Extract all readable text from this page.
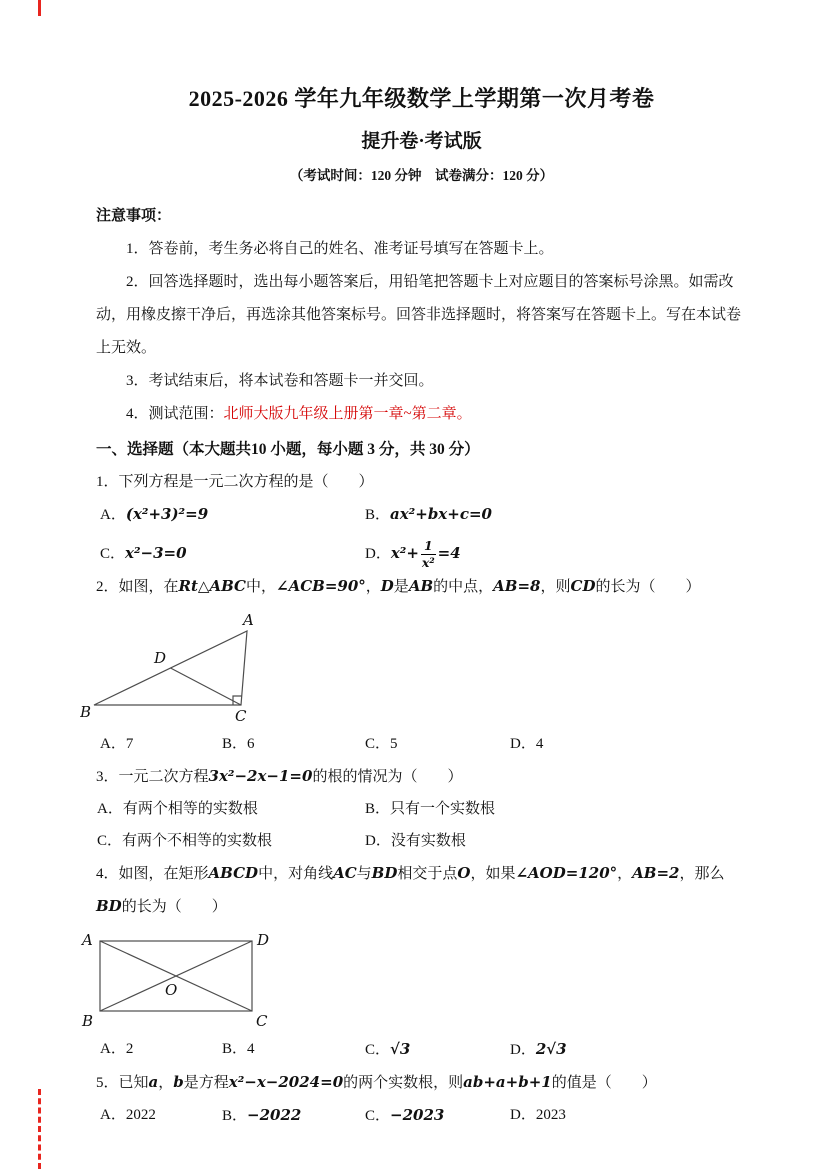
2025-2026 学年九年级数学上学期第一次月考卷
提升卷·考试版

（考试时间：120 分钟　试卷满分：120 分）

注意事项：

1．答卷前，考生务必将自己的姓名、准考证号填写在答题卡上。

2．回答选择题时，选出每小题答案后，用铅笔把答题卡上对应题目的答案标号涂黑。如需改动，用橡皮擦干净后，再选涂其他答案标号。回答非选择题时，将答案写在答题卡上。写在本试卷上无效。

3．考试结束后，将本试卷和答题卡一并交回。

4．测试范围：北师大版九年级上册第一章~第二章。

一、选择题（本大题共10 小题，每小题 3 分，共 30 分）

1．下列方程是一元二次方程的是（　　）

A．(x²+3)²=9	B．ax²+bx+c=0
C．x²−3=0	D．$x^2+ \frac{1}{\text{x²}} =4$

2．如图，在Rt△ABC中，∠ACB=90°，D是AB的中点，AB=8，则CD的长为（　　）

A
B	C
D
A．7	B．6	C．5	D．4

3．一元二次方程3x²−2x−1=0的根的情况为（　　）

A．有两个相等的实数根	B．只有一个实数根
C．有两个不相等的实数根	D．没有实数根

4．如图，在矩形ABCD中，对角线AC与BD相交于点O，如果∠AOD=120°，AB=2，那么BD的长为（　　）

A	D
B	C
O
A．2	B．4	C．√3	D．2√3

5．已知a，b是方程x²−x−2024=0的两个实数根，则ab+a+b+1的值是（　　）

A．2022	B．−2022	C．−2023	D．2023
